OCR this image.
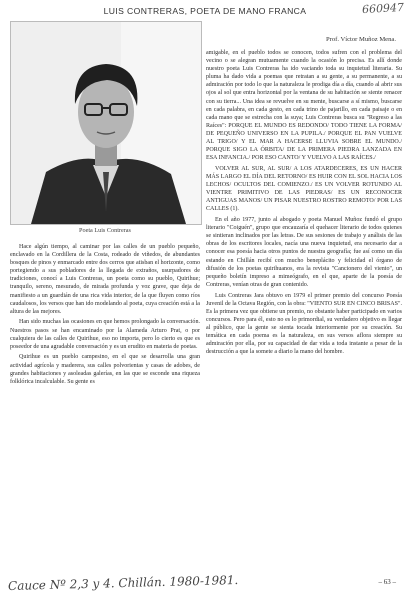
LUIS CONTRERAS, POETA DE MANO FRANCA	660947
Prof. Víctor Muñoz Mena.
Poeta Luis Contreras

Hace algún tiempo, al caminar por las calles de un pueblo pequeño, enclavado en la Cordillera de la Costa, rodeado de viñedos, de abundantes bosques de pinos y enmarcado entre dos cerros que atisban el horizonte, como portegiendo a sus pobladores de la llegada de extraños, usurpadores de tradiciones, conocí a Luis Contreras, un poeta como su pueblo, Quirihue; tranquilo, sereno, mesurado, de mirada profunda y voz grave, que deja de manifiesto a un guardián de una rica vida interior, de la que fluyen como ríos caudalosos, los versos que han ido modelando al poeta, cuya creación está a la altura de las mejores.

Han sido muchas las ocasiones en que hemos prolongado la conversación. Nuestros pasos se han encaminado por la Alameda Arturo Prat, o por cualquiera de las calles de Quirihue, eso no importa, pero lo cierto es que es poseedor de una agradable conversación y es un erudito en materia de poetas.

Quirihue es un pueblo campesino, en el que se desarrolla una gran actividad agrícola y maderera, sus calles polvorientas y casas de adobes, de grandes habitaciones y asoleadas galerías, en las que se esconde una riqueza folklórica incalculable. Su gente es

amigable, en el pueblo todos se conocen, todos sufren con el problema del vecino o se alegran mutuamente cuando la ocasión lo precisa. Es allí donde nuestro poeta Luis Contreras ha ido vaciando toda su inquietud literaria. Su pluma ha dado vida a poemas que retratan a su gente, a su permanente, a su admiración por todo lo que la naturaleza le prodiga día a día, cuando al abrir sus ojos al sol que entra horizontal por la ventana de su habitación se siente renacer con su tierra... Una idea se revuelve en su mente, buscarse a sí mismo, buscarse en cada palabra, en cada gesto, en cada trino de pajarillo, en cada paisaje o en cada mano que se estrecha con la suya; Luis Contreras busca su "Regreso a las Raíces": PORQUE EL MUNDO ES REDONDO/ TODO TIENE LA FORMA/ DE PEQUEÑO UNIVERSO EN LA PUPILA./ PORQUE EL PAN VUELVE AL TRIGO/ Y EL MAR A HACERSE LLUVIA SOBRE EL MUNDO./ PORQUE SIGO LA ÓRBITA/ DE LA PRIMERA PIEDRA LANZADA EN ESA INFANCIA./ POR ESO CANTO/ Y VUELVO A LAS RAÍCES./

VOLVER AL SUR, AL SUR/ A LOS ATARDECERES, ES UN HACER MÁS LARGO EL DÍA DEL RETORNO/ ES HUIR CON EL SOL HACIA LOS LECHOS/ OCULTOS DEL COMIENZO./ ES UN VOLVER ROTUNDO AL VIENTRE PRIMITIVO DE LAS PIEDRAS/ ES UN RECONOCER ANTIGUAS MANOS/ UN PISAR NUESTRO ROSTRO REMOTO/ POR LAS CALLES (1).

En el año 1977, junto al abogado y poeta Manuel Muñoz fundó el grupo literario "Coiguén", grupo que encauzaría el quehacer literario de todos quienes se sintieran inclinados por las letras. De sus sesiones de trabajo y análisis de las obras de los escritores locales, nacía una nueva inquietud, era necesario dar a conocer esa poesía hacia otros puntos de nuestra geografía; fue así como un día estando en Chillán recibí con mucho beneplácito y felicidad el órgano de difusión de los poetas quirihuanos, era la revista "Cancionero del viento", un pequeño boletín impreso a mimeógrafo, en el que, aparte de la poesía de Contreras, venían otras de gran contenido.

Luis Contreras Jara obtuvo en 1979 el primer premio del concurso Poesía Juvenil de la Octava Región, con la obra: "VIENTO SUR EN CINCO BRISAS". Es la primera vez que obtiene un premio, no obstante haber participado en varios concursos. Pero para él, esto no es lo primordial, su verdadero objetivo es llegar al público, que la gente se sienta tocada interiormente por su creación. Su temática en cada poema es la naturaleza, en sus versos aflora siempre su admiración por ella, por su capacidad de dar vida a toda instante a pesar de la destrucción a que la somete a diario la mano del hombre.

Cauce Nº 2,3 y 4. Chillán. 1980-1981.	– 63 –
